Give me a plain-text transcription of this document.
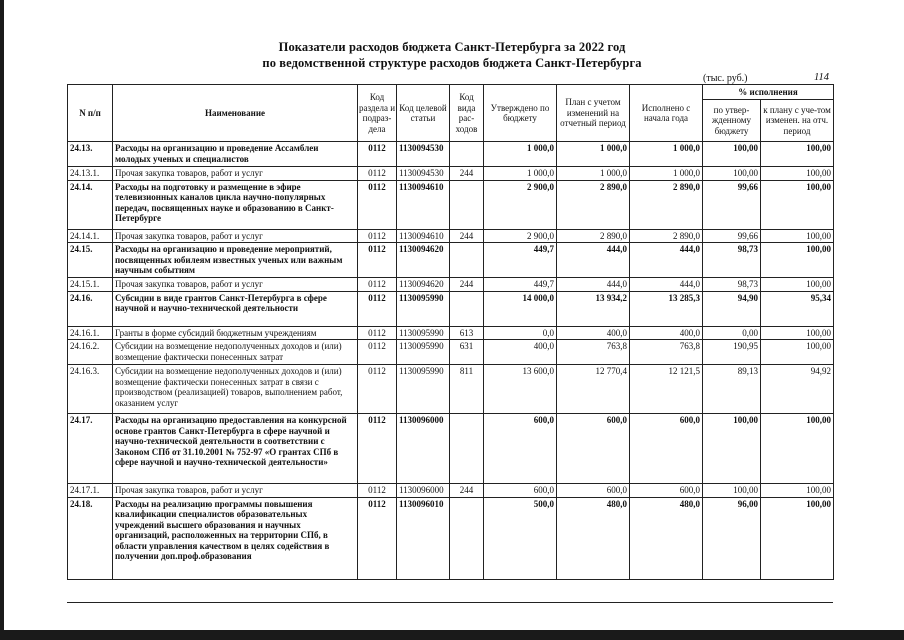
Показатели расходов бюджета Санкт-Петербурга за 2022 год
по ведомственной структуре расходов бюджета Санкт-Петербурга
(тыс. руб.)	114
N п/п	Наименование	Код раздела и подраз-дела	Код целевой статьи	Код вида рас-ходов	Утверждено по бюджету	План с учетом изменений на отчетный период	Исполнено с начала года	% исполнения	
								по утвер-жденному бюджету	к плану с уче-том изменен. на отч. период
24.13.	Расходы на организацию и проведение Ассамблеи молодых ученых и специалистов	0112	1130094530		1 000,0	1 000,0	1 000,0	100,00	100,00
24.13.1.	Прочая закупка товаров, работ и услуг	0112	1130094530	244	1 000,0	1 000,0	1 000,0	100,00	100,00
24.14.	Расходы на подготовку и размещение в эфире телевизионных каналов цикла научно-популярных передач, посвященных науке и образованию в Санкт-Петербурге	0112	1130094610		2 900,0	2 890,0	2 890,0	99,66	100,00
24.14.1.	Прочая закупка товаров, работ и услуг	0112	1130094610	244	2 900,0	2 890,0	2 890,0	99,66	100,00
24.15.	Расходы на организацию и проведение мероприятий, посвященных юбилеям известных ученых или важным научным событиям	0112	1130094620		449,7	444,0	444,0	98,73	100,00
24.15.1.	Прочая закупка товаров, работ и услуг	0112	1130094620	244	449,7	444,0	444,0	98,73	100,00
24.16.	Субсидии в виде грантов Санкт-Петербурга в сфере научной и научно-технической деятельности	0112	1130095990		14 000,0	13 934,2	13 285,3	94,90	95,34
24.16.1.	Гранты в форме субсидий бюджетным учреждениям	0112	1130095990	613	0,0	400,0	400,0	0,00	100,00
24.16.2.	Субсидии на возмещение недополученных доходов и (или) возмещение фактически понесенных затрат	0112	1130095990	631	400,0	763,8	763,8	190,95	100,00
24.16.3.	Субсидии на возмещение недополученных доходов и (или) возмещение фактически понесенных затрат в связи с производством (реализацией) товаров, выполнением работ, оказанием услуг	0112	1130095990	811	13 600,0	12 770,4	12 121,5	89,13	94,92
24.17.	Расходы на организацию предоставления на конкурсной основе грантов Санкт-Петербурга в сфере научной и научно-технической деятельности в соответствии с Законом СПб от 31.10.2001 № 752-97 «О грантах СПб в сфере научной и научно-технической деятельности»	0112	1130096000		600,0	600,0	600,0	100,00	100,00
24.17.1.	Прочая закупка товаров, работ и услуг	0112	1130096000	244	600,0	600,0	600,0	100,00	100,00
24.18.	Расходы на реализацию программы повышения квалификации специалистов образовательных учреждений высшего образования и научных организаций, расположенных на территории СПб, в области управления качеством в целях содействия в получении доп.проф.образования	0112	1130096010		500,0	480,0	480,0	96,00	100,00
